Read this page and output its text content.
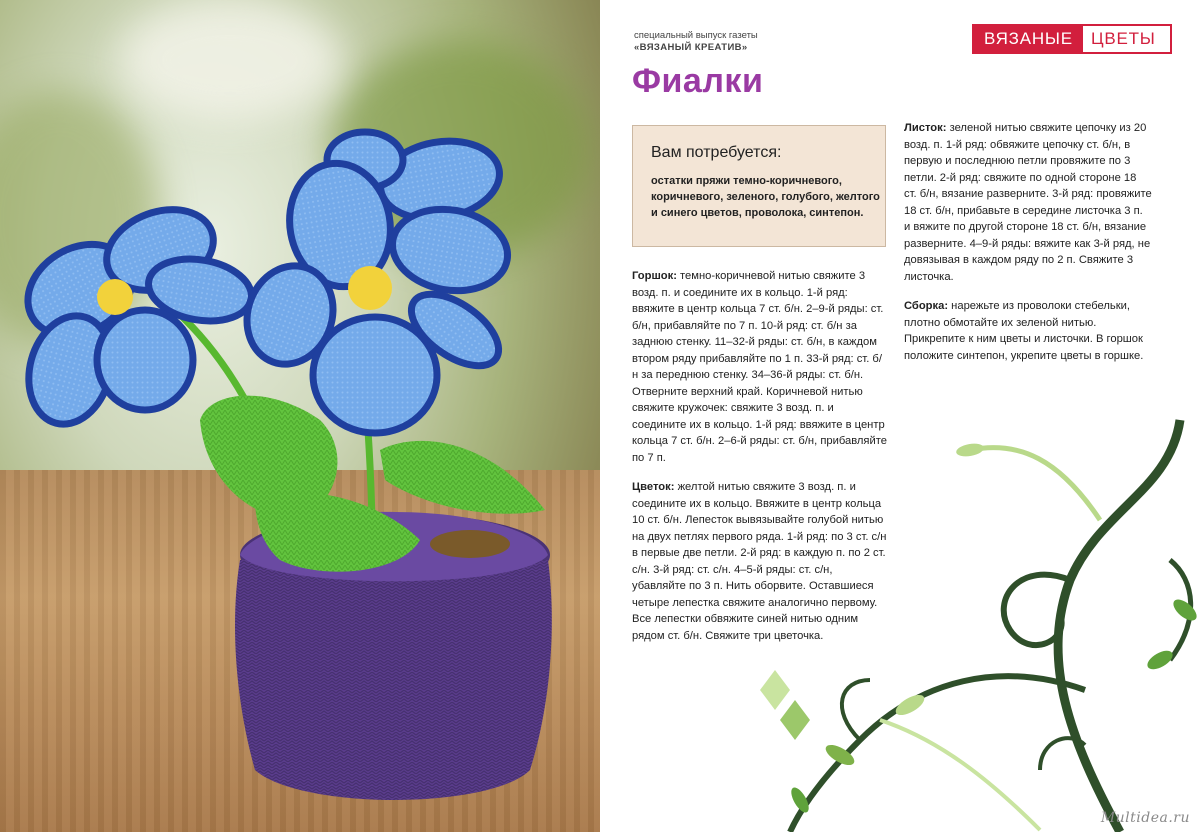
специальный выпуск газеты
«ВЯЗАНЫЙ КРЕАТИВ»	ВЯЗАНЫЕ	ЦВЕТЫ
Фиалки
Вам потребуется:
остатки пряжи темно-коричневого, коричневого, зеленого, голубого, желтого и синего цветов, проволока, синтепон.

Горшок: темно-коричневой нитью свяжите 3 возд. п. и соедините их в кольцо. 1-й ряд: ввяжите в центр кольца 7 ст. б/н. 2–9-й ряды: ст. б/н, прибавляйте по 7 п. 10-й ряд: ст. б/н за заднюю стенку. 11–32-й ряды: ст. б/н, в каждом втором ряду прибавляйте по 1 п. 33-й ряд: ст. б/н за переднюю стенку. 34–36-й ряды: ст. б/н. Отверните верхний край. Коричневой нитью свяжите кружочек: свяжите 3 возд. п. и соедините их в кольцо. 1-й ряд: ввяжите в центр кольца 7 ст. б/н. 2–6-й ряды: ст. б/н, прибавляйте по 7 п.

Цветок: желтой нитью свяжите 3 возд. п. и соедините их в кольцо. Ввяжите в центр кольца 10 ст. б/н. Лепесток вывязывайте голубой нитью на двух петлях первого ряда. 1-й ряд: по 3 ст. с/н в первые две петли. 2-й ряд: в каждую п. по 2 ст. с/н. 3-й ряд: ст. с/н. 4–5-й ряды: ст. с/н, убавляйте по 3 п. Нить оборвите. Оставшиеся четыре лепестка свяжите аналогично первому. Все лепестки обвяжите синей нитью одним рядом ст. б/н. Свяжите три цветочка.

Листок: зеленой нитью свяжите цепочку из 20 возд. п. 1-й ряд: обвяжите цепочку ст. б/н, в первую и последнюю петли провяжите по 3 петли. 2-й ряд: свяжите по одной стороне 18 ст. б/н, вязание разверните. 3-й ряд: провяжите 18 ст. б/н, прибавьте в середине листочка 3 п. и вяжите по другой стороне 18 ст. б/н, вязание разверните. 4–9-й ряды: вяжите как 3-й ряд, не довязывая в каждом ряду по 2 п. Свяжите 3 листочка.

Сборка: нарежьте из проволоки стебельки, плотно обмотайте их зеленой нитью. Прикрепите к ним цветы и листочки. В горшок положите синтепон, укрепите цветы в горшке.

Multidea.ru
